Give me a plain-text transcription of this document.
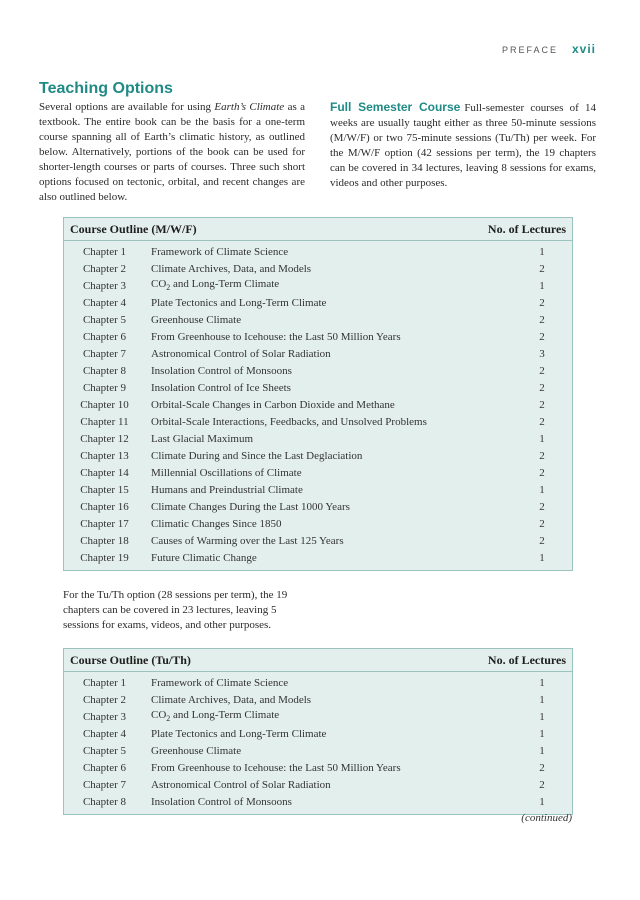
PREFACE xvii
Teaching Options

Several options are available for using Earth’s Climate as a textbook. The entire book can be the basis for a one-term course spanning all of Earth’s climatic history, as outlined below. Alternatively, portions of the book can be used for shorter-length courses or parts of courses. Three such short options focused on tectonic, orbital, and recent changes are also outlined below.

Full Semester Course Full-semester courses of 14 weeks are usually taught either as three 50-minute sessions (M/W/F) or two 75-minute sessions (Tu/Th) per week. For the M/W/F option (42 sessions per term), the 19 chapters can be covered in 34 lectures, leaving 8 sessions for exams, videos and other purposes.

Course Outline (M/W/F)	No. of Lectures
Chapter 1	Framework of Climate Science	1
Chapter 2	Climate Archives, Data, and Models	2
Chapter 3	$CO_2$ and Long-Term Climate	1
Chapter 4	Plate Tectonics and Long-Term Climate	2
Chapter 5	Greenhouse Climate	2
Chapter 6	From Greenhouse to Icehouse: the Last 50 Million Years	2
Chapter 7	Astronomical Control of Solar Radiation	3
Chapter 8	Insolation Control of Monsoons	2
Chapter 9	Insolation Control of Ice Sheets	2
Chapter 10	Orbital-Scale Changes in Carbon Dioxide and Methane	2
Chapter 11	Orbital-Scale Interactions, Feedbacks, and Unsolved Problems	2
Chapter 12	Last Glacial Maximum	1
Chapter 13	Climate During and Since the Last Deglaciation	2
Chapter 14	Millennial Oscillations of Climate	2
Chapter 15	Humans and Preindustrial Climate	1
Chapter 16	Climate Changes During the Last 1000 Years	2
Chapter 17	Climatic Changes Since 1850	2
Chapter 18	Causes of Warming over the Last 125 Years	2
Chapter 19	Future Climatic Change	1

For the Tu/Th option (28 sessions per term), the 19 chapters can be covered in 23 lectures, leaving 5 sessions for exams, videos, and other purposes.

Course Outline (Tu/Th)	No. of Lectures
Chapter 1	Framework of Climate Science	1
Chapter 2	Climate Archives, Data, and Models	1
Chapter 3	$CO_2$ and Long-Term Climate	1
Chapter 4	Plate Tectonics and Long-Term Climate	1
Chapter 5	Greenhouse Climate	1
Chapter 6	From Greenhouse to Icehouse: the Last 50 Million Years	2
Chapter 7	Astronomical Control of Solar Radiation	2
Chapter 8	Insolation Control of Monsoons	1
(continued)
